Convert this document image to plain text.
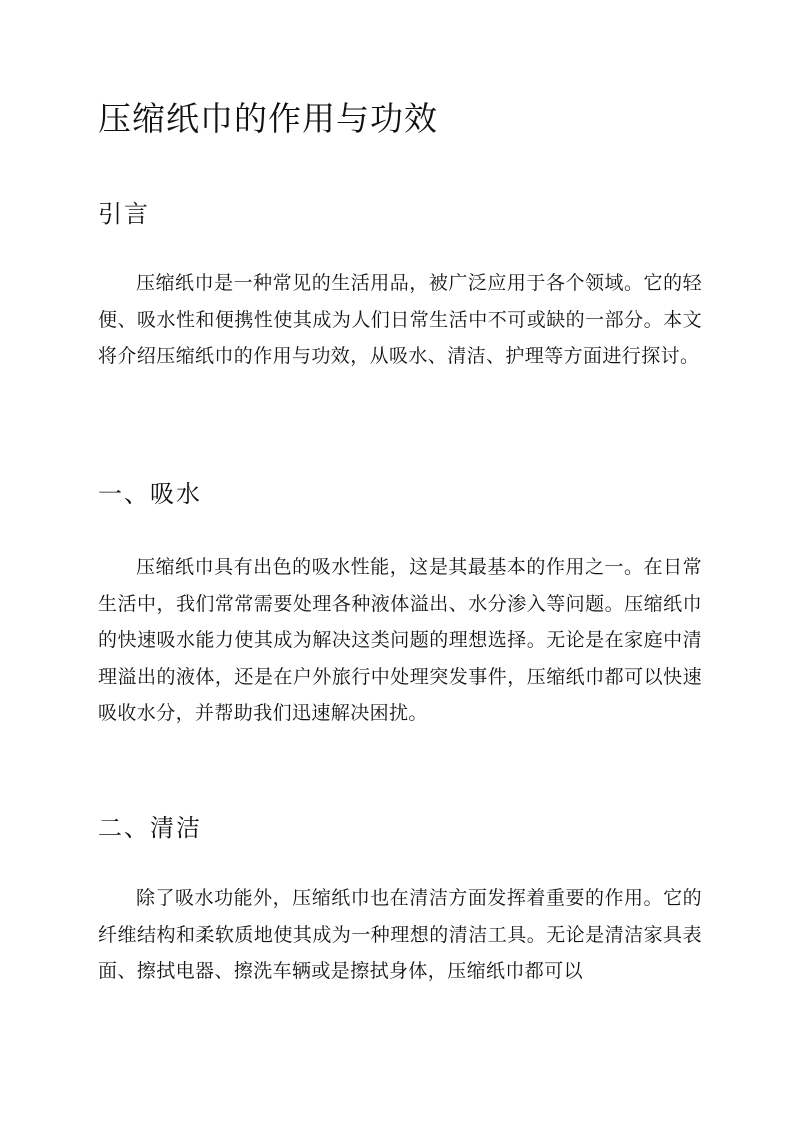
压缩纸巾的作用与功效
引言

压缩纸巾是一种常见的生活用品，被广泛应用于各个领域。它的轻便、吸水性和便携性使其成为人们日常生活中不可或缺的一部分。本文将介绍压缩纸巾的作用与功效，从吸水、清洁、护理等方面进行探讨。

一、吸水

压缩纸巾具有出色的吸水性能，这是其最基本的作用之一。在日常生活中，我们常常需要处理各种液体溢出、水分渗入等问题。压缩纸巾的快速吸水能力使其成为解决这类问题的理想选择。无论是在家庭中清理溢出的液体，还是在户外旅行中处理突发事件，压缩纸巾都可以快速吸收水分，并帮助我们迅速解决困扰。

二、清洁

除了吸水功能外，压缩纸巾也在清洁方面发挥着重要的作用。它的纤维结构和柔软质地使其成为一种理想的清洁工具。无论是清洁家具表面、擦拭电器、擦洗车辆或是擦拭身体，压缩纸巾都可以
